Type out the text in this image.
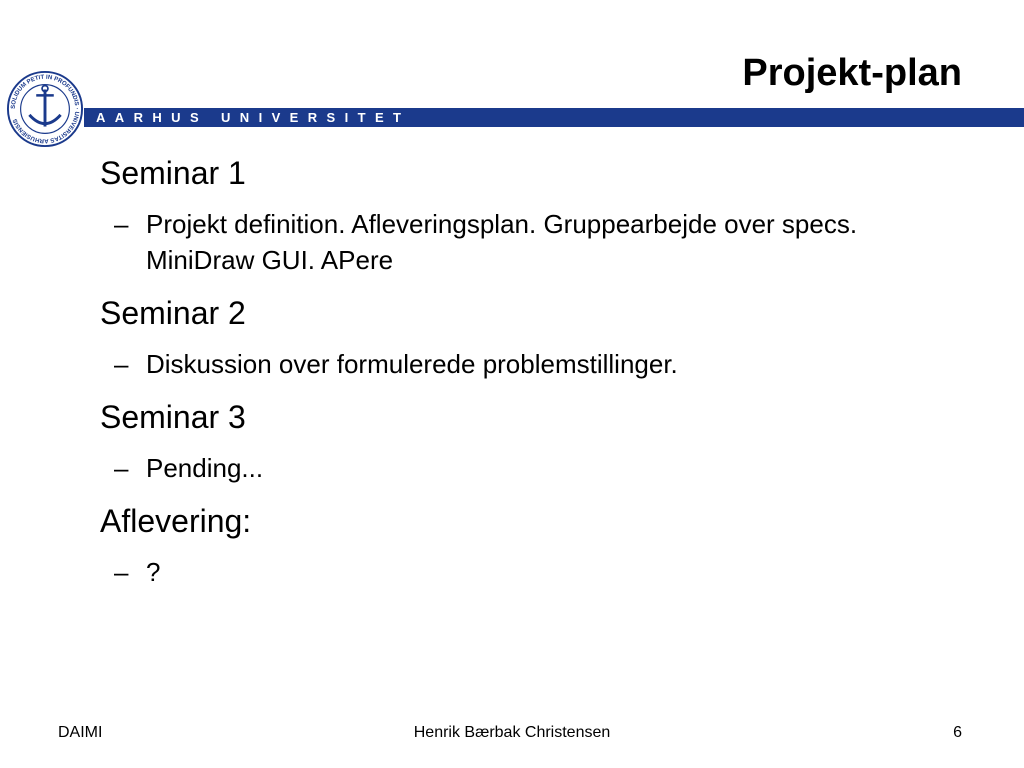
Projekt-plan
SOLIDUM PETIT IN PROFUNDIS · UNIVERSITAS ARHUSIENSIS	AARHUS UNIVERSITET

Seminar 1

– Projekt definition. Afleveringsplan. Gruppearbejde over specs. MiniDraw GUI. APere

Seminar 2

– Diskussion over formulerede problemstillinger.

Seminar 3

– Pending...

Aflevering:

– ?
DAIMI	Henrik Bærbak Christensen	6
